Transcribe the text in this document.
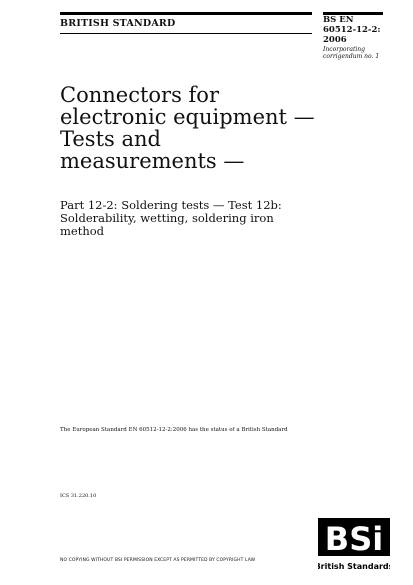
BRITISH STANDARD	BS EN 60512-12-2: 2006
Incorporating corrigendum no. 1
Connectors for electronic equipment — Tests and measurements —
Part 12-2: Soldering tests — Test 12b: Solderability, wetting, soldering iron method
The European Standard EN 60512-12-2:2006 has the status of a British Standard
ICS 31.220.10
NO COPYING WITHOUT BSI PERMISSION EXCEPT AS PERMITTED BY COPYRIGHT LAW
BSi
British Standards
